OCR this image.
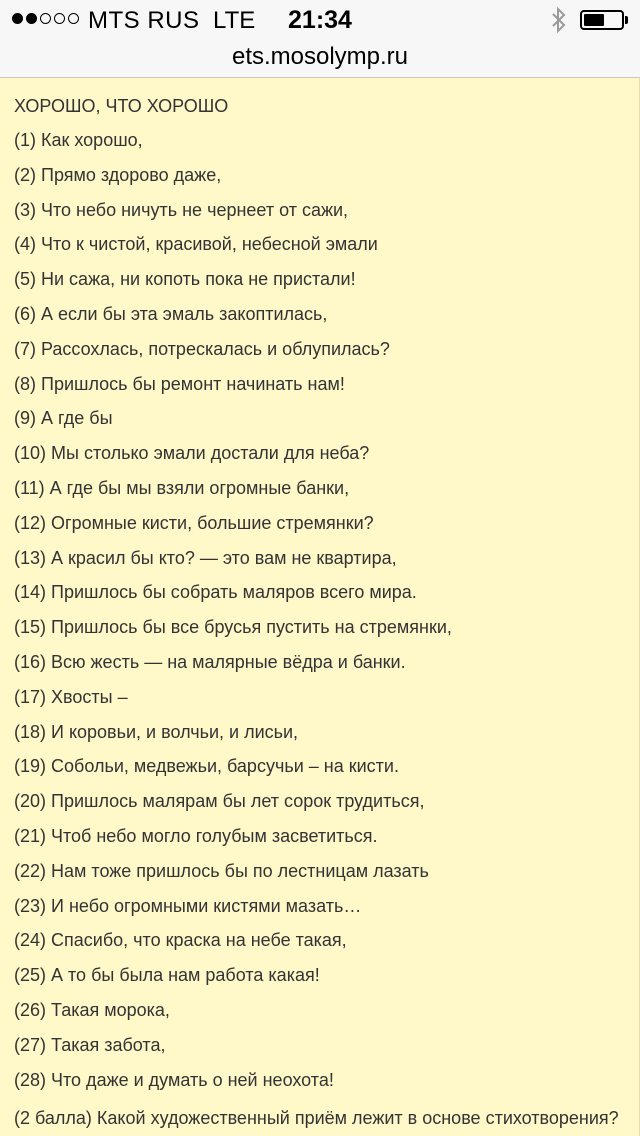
MTS RUS LTE	21:34
ets.mosolymp.ru
ХОРОШО, ЧТО ХОРОШО
(1) Как хорошо,
(2) Прямо здорово даже,
(3) Что небо ничуть не чернеет от сажи,
(4) Что к чистой, красивой, небесной эмали
(5) Ни сажа, ни копоть пока не пристали!
(6) А если бы эта эмаль закоптилась,
(7) Рассохлась, потрескалась и облупилась?
(8) Пришлось бы ремонт начинать нам!
(9) А где бы
(10) Мы столько эмали достали для неба?
(11) А где бы мы взяли огромные банки,
(12) Огромные кисти, большие стремянки?
(13) А красил бы кто? — это вам не квартира,
(14) Пришлось бы собрать маляров всего мира.
(15) Пришлось бы все брусья пустить на стремянки,
(16) Всю жесть — на малярные вёдра и банки.
(17) Хвосты –
(18) И коровьи, и волчьи, и лисьи,
(19) Собольи, медвежьи, барсучьи – на кисти.
(20) Пришлось малярам бы лет сорок трудиться,
(21) Чтоб небо могло голубым засветиться.
(22) Нам тоже пришлось бы по лестницам лазать
(23) И небо огромными кистями мазать…
(24) Спасибо, что краска на небе такая,
(25) А то бы была нам работа какая!
(26) Такая морока,
(27) Такая забота,
(28) Что даже и думать о ней неохота!
(2 балла) Какой художественный приём лежит в основе стихотворения?
